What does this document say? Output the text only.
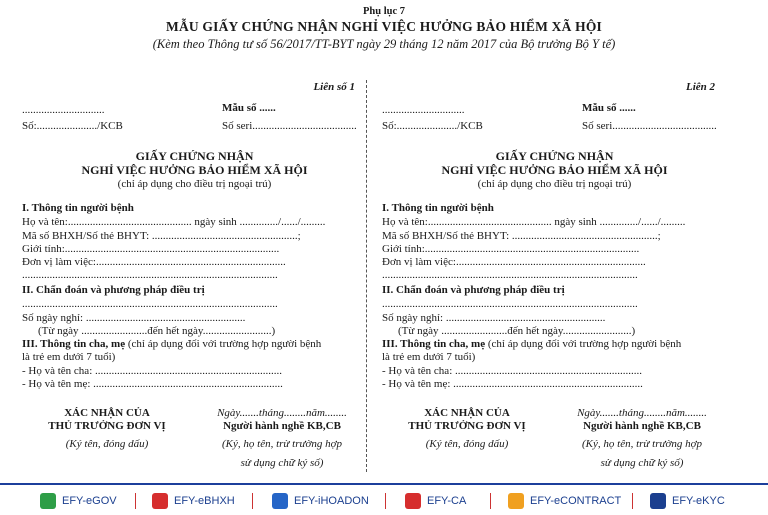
Phụ lục 7
MẪU GIẤY CHỨNG NHẬN NGHỈ VIỆC HƯỞNG BẢO HIỂM XÃ HỘI
(Kèm theo Thông tư số 56/2017/TT-BYT ngày 29 tháng 12 năm 2017 của Bộ trưởng Bộ Y tế)
Liên số 1
..............................	Mẫu số ......
Số:....................../KCB	Số seri......................................
GIẤY CHỨNG NHẬN
NGHỈ VIỆC HƯỞNG BẢO HIỂM XÃ HỘI
(chỉ áp dụng cho điều trị ngoại trú)
I. Thông tin người bệnh
Họ và tên:............................................. ngày sinh ............../....../.........
Mã số BHXH/Số thẻ BHYT: .....................................................;
Giới tính:..............................................................................
Đơn vị làm việc:.....................................................................
.............................................................................................
II. Chẩn đoán và phương pháp điều trị
.............................................................................................
Số ngày nghỉ: ..........................................................
(Từ ngày ........................đến hết ngày.........................)
III. Thông tin cha, mẹ (chỉ áp dụng đối với trường hợp người bệnh
là trẻ em dưới 7 tuổi)
- Họ và tên cha: ....................................................................
- Họ và tên mẹ: .....................................................................
XÁC NHẬN CỦA
THỦ TRƯỞNG ĐƠN VỊ
(Ký tên, đóng dấu)
Ngày.......tháng........năm........
Người hành nghề KB,CB
(Ký, họ tên, trừ trường hợp
sử dụng chữ ký số)
Liên 2
..............................	Mẫu số ......
Số:....................../KCB	Số seri......................................
GIẤY CHỨNG NHẬN
NGHỈ VIỆC HƯỞNG BẢO HIỂM XÃ HỘI
(chỉ áp dụng cho điều trị ngoại trú)
I. Thông tin người bệnh
Họ và tên:............................................. ngày sinh ............../....../.........
Mã số BHXH/Số thẻ BHYT: .....................................................;
Giới tính:..............................................................................
Đơn vị làm việc:.....................................................................
.............................................................................................
II. Chẩn đoán và phương pháp điều trị
.............................................................................................
Số ngày nghỉ: ..........................................................
(Từ ngày ........................đến hết ngày.........................)
III. Thông tin cha, mẹ (chỉ áp dụng đối với trường hợp người bệnh
là trẻ em dưới 7 tuổi)
- Họ và tên cha: ....................................................................
- Họ và tên mẹ: .....................................................................
XÁC NHẬN CỦA
THỦ TRƯỞNG ĐƠN VỊ
(Ký tên, đóng dấu)
Ngày.......tháng........năm........
Người hành nghề KB,CB
(Ký, họ tên, trừ trường hợp
sử dụng chữ ký số)
EFY-eGOV	EFY-eBHXH	EFY-iHOADON	EFY-CA	EFY-eCONTRACT	EFY-eKYC
